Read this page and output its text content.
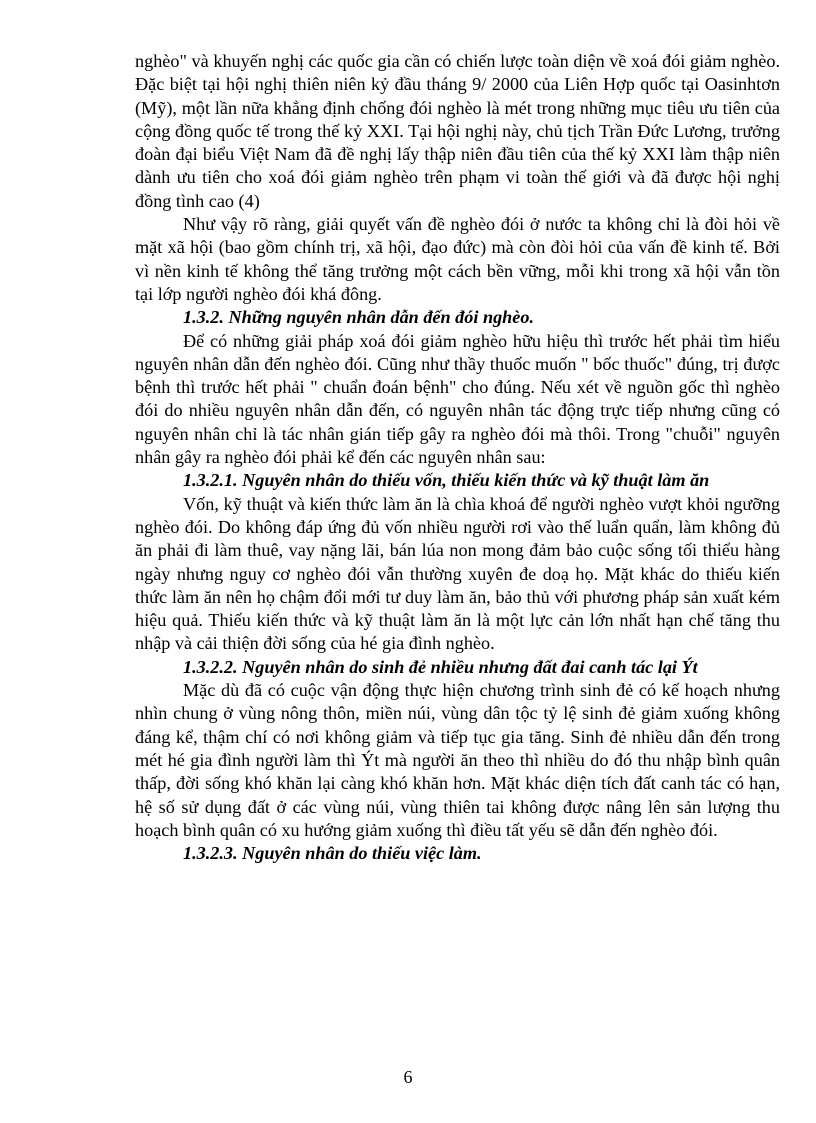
nghèo" và khuyến nghị các quốc gia cần có chiến lược toàn diện về xoá đói giảm nghèo. Đặc biệt tại hội nghị thiên niên kỷ đầu tháng 9/ 2000 của Liên Hợp quốc tại Oasinhtơn (Mỹ), một lần nữa khẳng định chống đói nghèo là mét trong những mục tiêu ưu tiên của cộng đồng quốc tế trong thế kỷ XXI. Tại hội nghị này, chủ tịch Trần Đức Lương, trưởng đoàn đại biểu Việt Nam đã đề nghị lấy thập niên đầu tiên của thế kỷ XXI làm thập niên dành ưu tiên cho xoá đói giảm nghèo trên phạm vi toàn thế giới và đã được hội nghị đồng tình cao (4)

Như vậy rõ ràng, giải quyết vấn đề nghèo đói ở nước ta không chỉ là đòi hỏi về mặt xã hội (bao gồm chính trị, xã hội, đạo đức) mà còn đòi hỏi của vấn đề kinh tế. Bởi vì nền kinh tế không thể tăng trưởng một cách bền vững, mỗi khi trong xã hội vẫn tồn tại lớp người nghèo đói khá đông.

1.3.2. Những nguyên nhân dẫn đến đói nghèo.

Để có những giải pháp xoá đói giảm nghèo hữu hiệu thì trước hết phải tìm hiểu nguyên nhân dẫn đến nghèo đói. Cũng như thầy thuốc muốn " bốc thuốc" đúng, trị được bệnh thì trước hết phải " chuẩn đoán bệnh" cho đúng. Nếu xét về nguồn gốc thì nghèo đói do nhiều nguyên nhân dẫn đến, có nguyên nhân tác động trực tiếp nhưng cũng có nguyên nhân chỉ là tác nhân gián tiếp gây ra nghèo đói mà thôi. Trong "chuỗi" nguyên nhân gây ra nghèo đói phải kể đến các nguyên nhân sau:

1.3.2.1. Nguyên nhân do thiếu vốn, thiếu kiến thức và kỹ thuật làm ăn

Vốn, kỹ thuật và kiến thức làm ăn là chìa khoá để người nghèo vượt khỏi ngưỡng nghèo đói. Do không đáp ứng đủ vốn nhiều người rơi vào thế luẩn quẩn, làm không đủ ăn phải đi làm thuê, vay nặng lãi, bán lúa non mong đảm bảo cuộc sống tối thiểu hàng ngày nhưng nguy cơ nghèo đói vẫn thường xuyên đe doạ họ. Mặt khác do thiếu kiến thức làm ăn nên họ chậm đổi mới tư duy làm ăn, bảo thủ với phương pháp sản xuất kém hiệu quả. Thiếu kiến thức và kỹ thuật làm ăn là một lực cản lớn nhất hạn chế tăng thu nhập và cải thiện đời sống của hé gia đình nghèo.

1.3.2.2. Nguyên nhân do sinh đẻ nhiều nhưng đất đai canh tác lại Ýt

Mặc dù đã có cuộc vận động thực hiện chương trình sinh đẻ có kế hoạch nhưng nhìn chung ở vùng nông thôn, miền núi, vùng dân tộc tỷ lệ sinh đẻ giảm xuống không đáng kể, thậm chí có nơi không giảm và tiếp tục gia tăng. Sinh đẻ nhiều dẫn đến trong mét hé gia đình người làm thì Ýt mà người ăn theo thì nhiều do đó thu nhập bình quân thấp, đời sống khó khăn lại càng khó khăn hơn. Mặt khác diện tích đất canh tác có hạn, hệ số sử dụng đất ở các vùng núi, vùng thiên tai không được nâng lên sản lượng thu hoạch bình quân có xu hướng giảm xuống thì điều tất yếu sẽ dẫn đến nghèo đói.

1.3.2.3. Nguyên nhân do thiếu việc làm.

6
